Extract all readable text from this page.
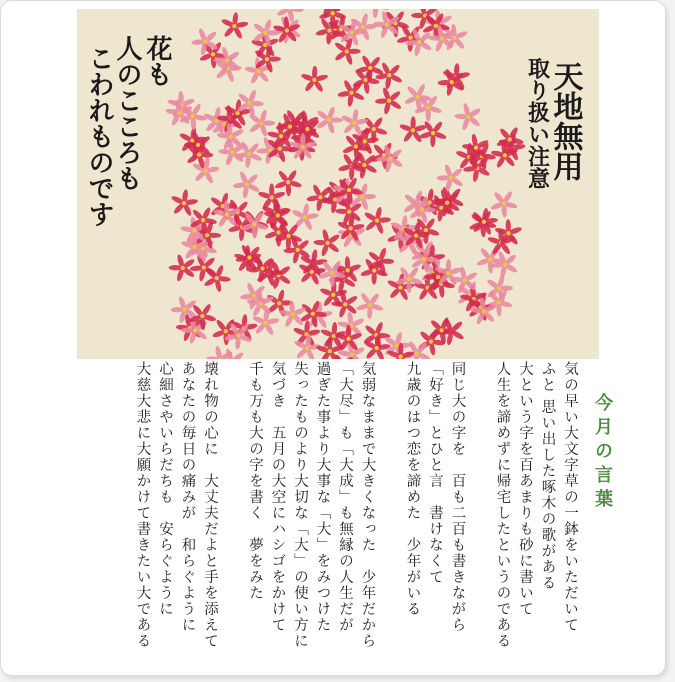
天地無用
取り扱い注意
花も
人のこころも
こわれものです
今月の言葉
気の早い大文字草の一鉢をいただいて
ふと 思い出した啄木の歌がある
大という字を百あまりも砂に書いて
人生を諦めずに帰宅したというのである

同じ大の字を　百も二百も書きながら
「好き」とひと言　書けなくて
九歳のはつ恋を諦めた　少年がいる

気弱なままで大きくなった　少年だから
「大尽」も「大成」も無縁の人生だが
過ぎた事より大事な「大」をみつけた
失ったものより大切な「大」の使い方に
気づき　五月の大空にハシゴをかけて
千も万も大の字を書く　夢をみた

壊れ物の心に　大丈夫だよと手を添えて
あなたの毎日の痛みが　和らぐように
心細さやいらだちも　安らぐように
大慈大悲に大願かけて書きたい大である
